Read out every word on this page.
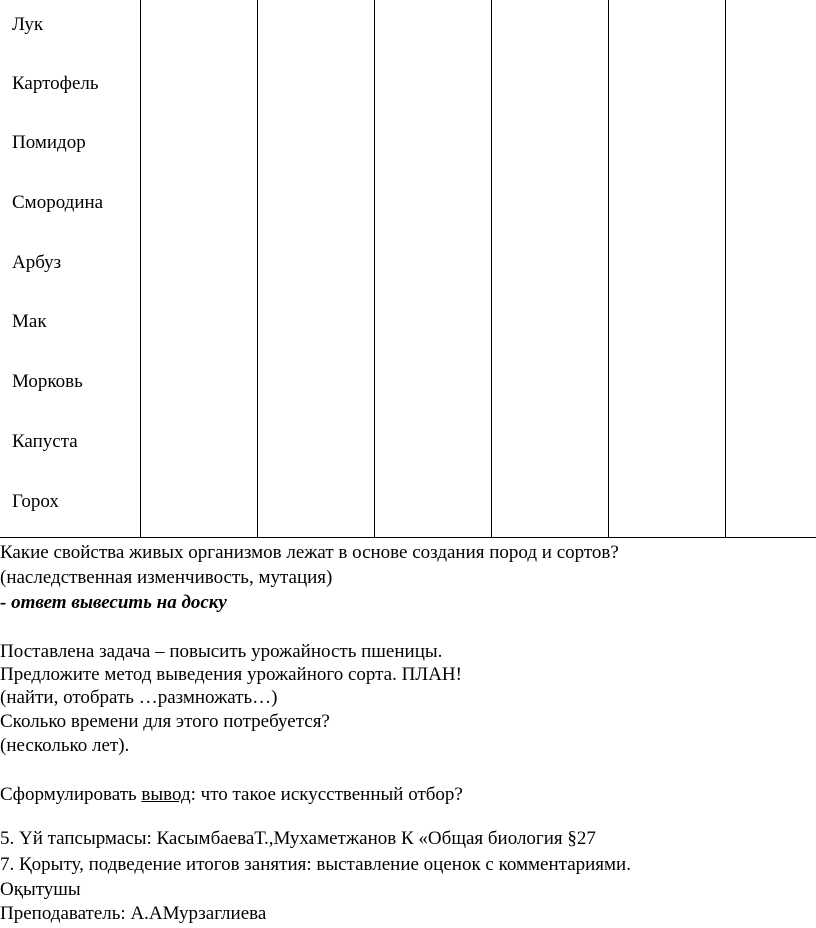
Лук
Картофель
Помидор
Смородина
Арбуз
Мак
Морковь
Капуста
Горох

Какие свойства живых организмов лежат в основе создания пород и сортов?
(наследственная изменчивость, мутация)
- ответ вывесить на доску
Поставлена задача – повысить урожайность пшеницы.
Предложите метод выведения урожайного сорта. ПЛАН!
(найти, отобрать …размножать…)
Сколько времени для этого потребуется?
(несколько лет).
Сформулировать вывод: что такое искусственный отбор?
5. Үй тапсырмасы: КасымбаеваТ.,Мухаметжанов К «Общая биология §27
7. Қорыту, подведение итогов занятия: выставление оценок с комментариями.
Оқытушы
Преподаватель: А.АМурзаглиева
